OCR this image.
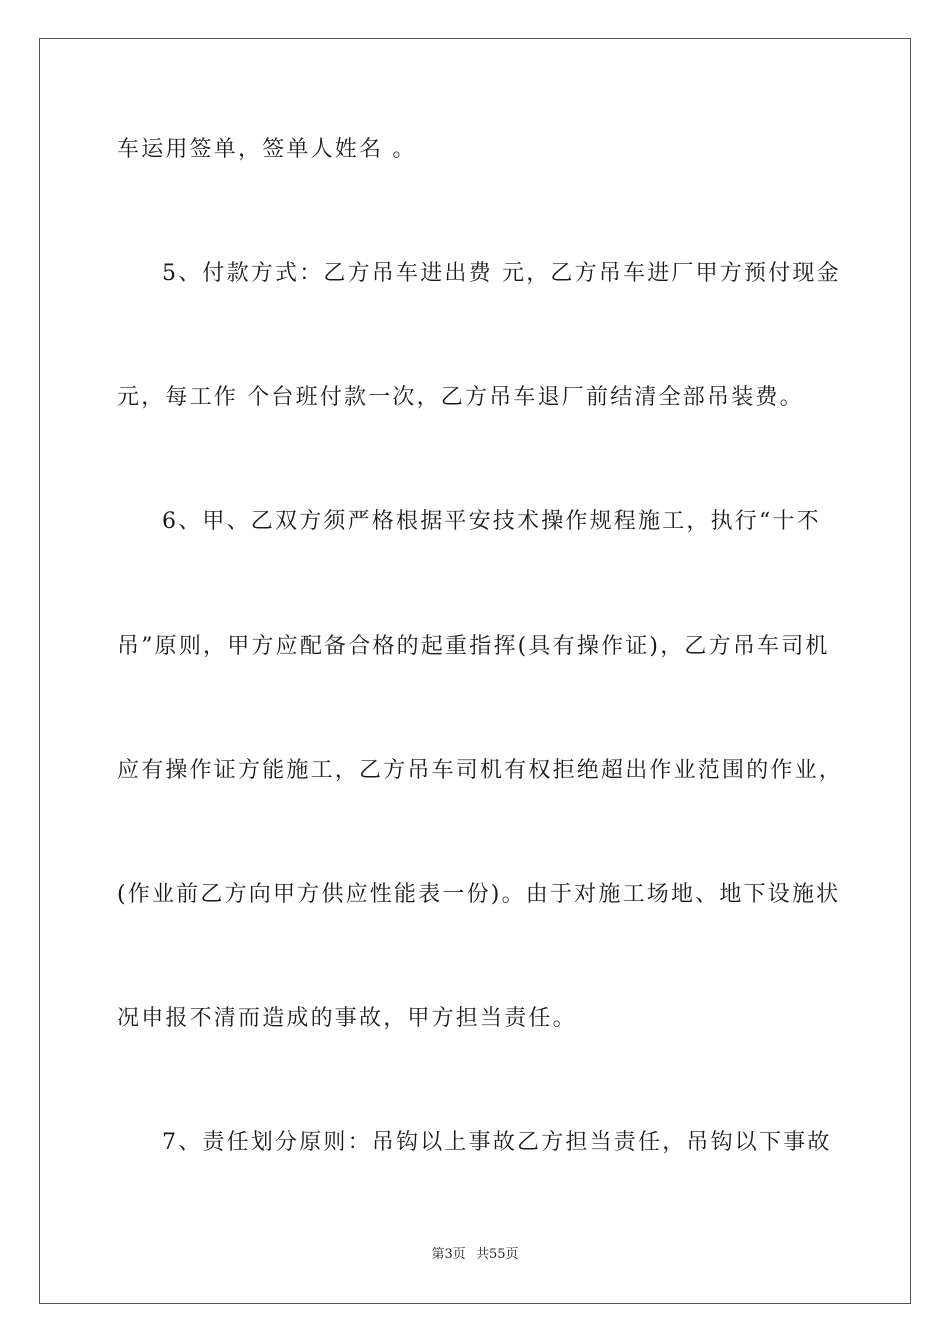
车运用签单，签单人姓名 。
5、付款方式：乙方吊车进出费 元，乙方吊车进厂甲方预付现金
元，每工作 个台班付款一次，乙方吊车退厂前结清全部吊装费。
6、甲、乙双方须严格根据平安技术操作规程施工，执行“十不
吊”原则，甲方应配备合格的起重指挥(具有操作证)，乙方吊车司机
应有操作证方能施工，乙方吊车司机有权拒绝超出作业范围的作业，
(作业前乙方向甲方供应性能表一份)。由于对施工场地、地下设施状
况申报不清而造成的事故，甲方担当责任。
7、责任划分原则：吊钩以上事故乙方担当责任，吊钩以下事故
第3页 共55页
